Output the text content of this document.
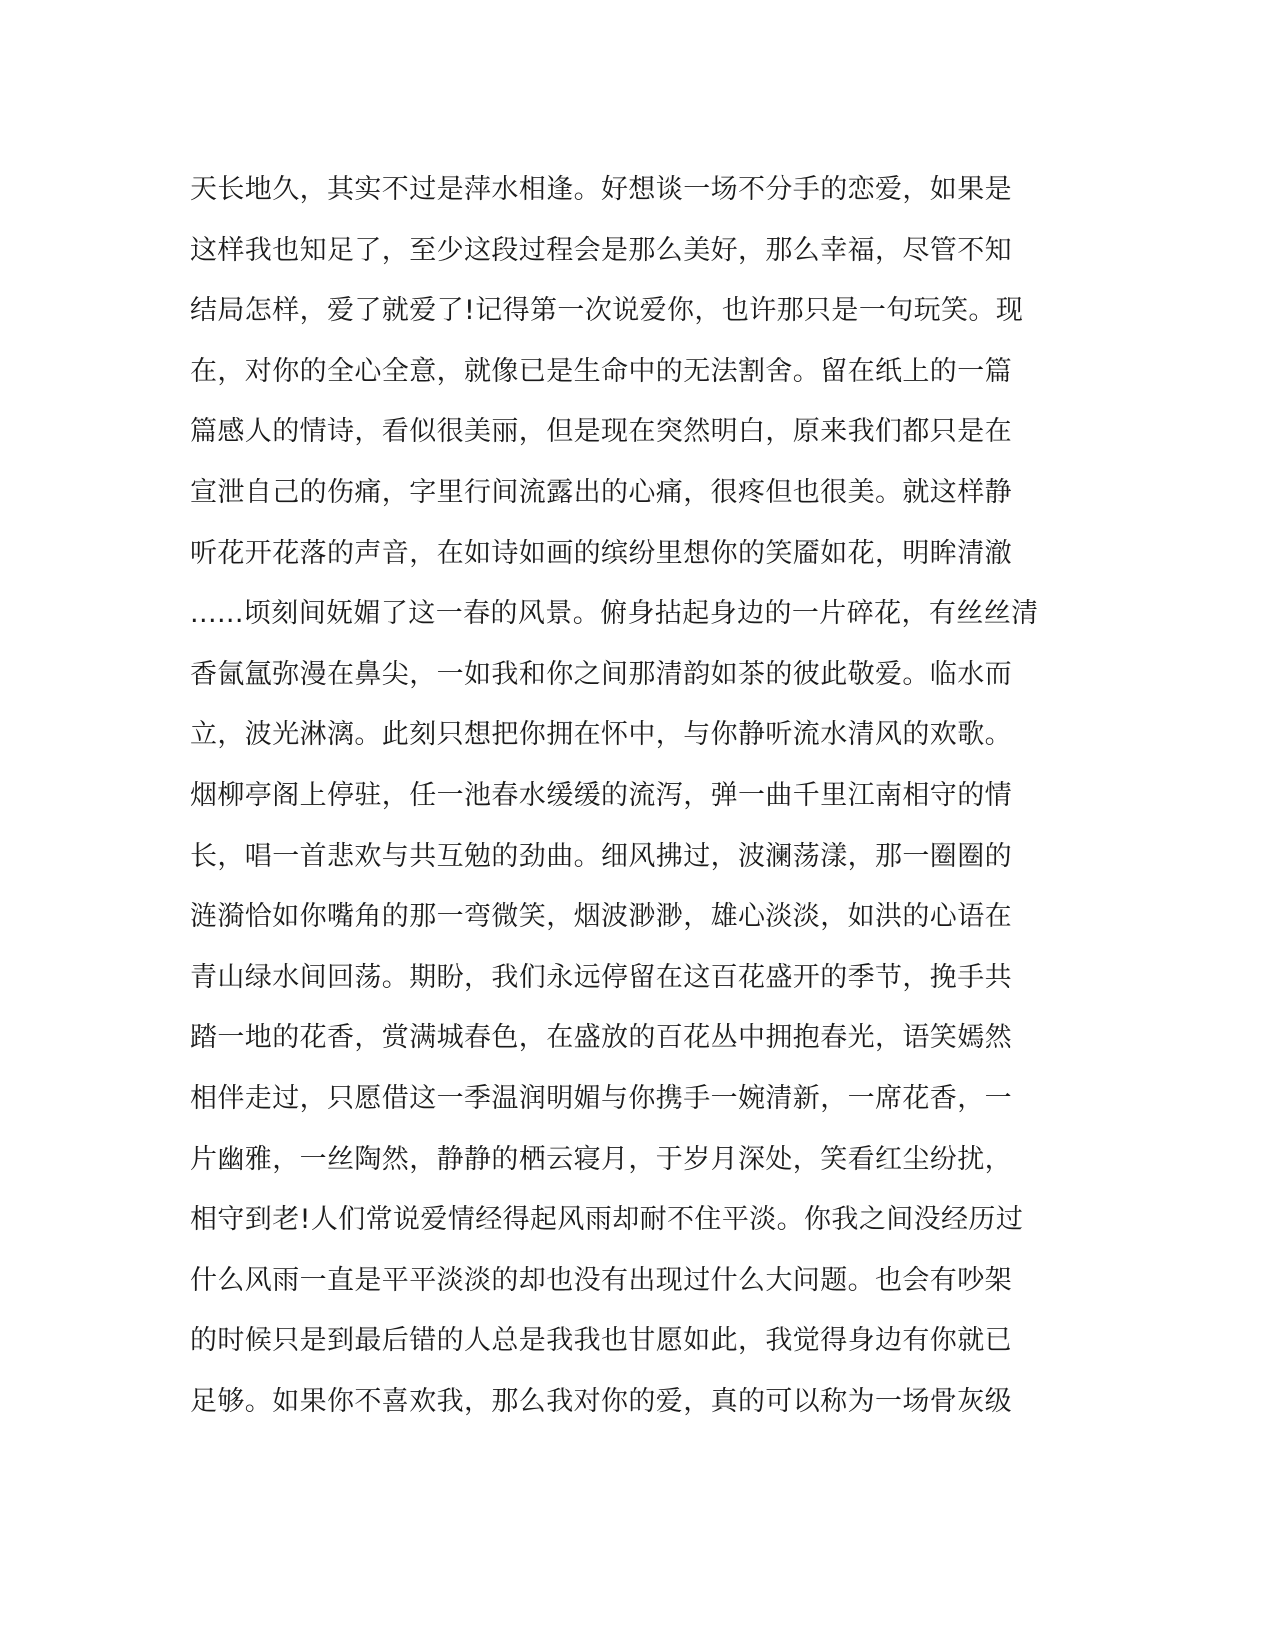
天长地久，其实不过是萍水相逢。好想谈一场不分手的恋爱，如果是
这样我也知足了，至少这段过程会是那么美好，那么幸福，尽管不知
结局怎样，爱了就爱了!记得第一次说爱你，也许那只是一句玩笑。现
在，对你的全心全意，就像已是生命中的无法割舍。留在纸上的一篇
篇感人的情诗，看似很美丽，但是现在突然明白，原来我们都只是在
宣泄自己的伤痛，字里行间流露出的心痛，很疼但也很美。就这样静
听花开花落的声音，在如诗如画的缤纷里想你的笑靥如花，明眸清澈
......顷刻间妩媚了这一春的风景。俯身拈起身边的一片碎花，有丝丝清
香氤氲弥漫在鼻尖，一如我和你之间那清韵如茶的彼此敬爱。临水而
立，波光淋漓。此刻只想把你拥在怀中，与你静听流水清风的欢歌。
烟柳亭阁上停驻，任一池春水缓缓的流泻，弹一曲千里江南相守的情
长，唱一首悲欢与共互勉的劲曲。细风拂过，波澜荡漾，那一圈圈的
涟漪恰如你嘴角的那一弯微笑，烟波渺渺，雄心淡淡，如洪的心语在
青山绿水间回荡。期盼，我们永远停留在这百花盛开的季节，挽手共
踏一地的花香，赏满城春色，在盛放的百花丛中拥抱春光，语笑嫣然
相伴走过，只愿借这一季温润明媚与你携手一婉清新，一席花香，一
片幽雅，一丝陶然，静静的栖云寝月，于岁月深处，笑看红尘纷扰，
相守到老!人们常说爱情经得起风雨却耐不住平淡。你我之间没经历过
什么风雨一直是平平淡淡的却也没有出现过什么大问题。也会有吵架
的时候只是到最后错的人总是我我也甘愿如此，我觉得身边有你就已
足够。如果你不喜欢我，那么我对你的爱，真的可以称为一场骨灰级
